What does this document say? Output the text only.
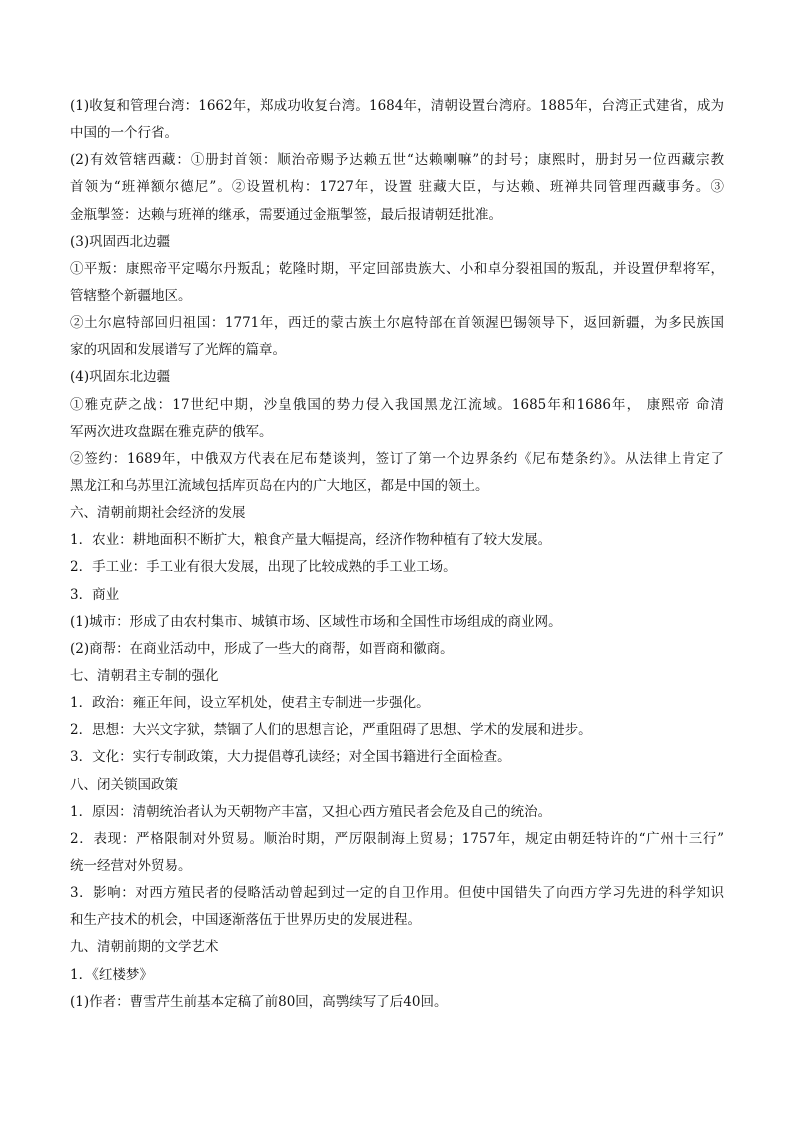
(1)收复和管理台湾：1662年，郑成功收复台湾。1684年，清朝设置台湾府。1885年，台湾正式建省，成为
中国的一个行省。
(2)有效管辖西藏：①册封首领：顺治帝赐予达赖五世“达赖喇嘛”的封号；康熙时，册封另一位西藏宗教
首领为“班禅额尔德尼”。②设置机构：1727年，设置 驻藏大臣，与达赖、班禅共同管理西藏事务。③
金瓶掣签：达赖与班禅的继承，需要通过金瓶掣签，最后报请朝廷批准。
(3)巩固西北边疆
①平叛：康熙帝平定噶尔丹叛乱；乾隆时期，平定回部贵族大、小和卓分裂祖国的叛乱，并设置伊犁将军，
管辖整个新疆地区。
②土尔扈特部回归祖国：1771年，西迁的蒙古族土尔扈特部在首领渥巴锡领导下，返回新疆，为多民族国
家的巩固和发展谱写了光辉的篇章。
(4)巩固东北边疆
①雅克萨之战：17世纪中期，沙皇俄国的势力侵入我国黑龙江流域。1685年和1686年， 康熙帝 命清
军两次进攻盘踞在雅克萨的俄军。
②签约：1689年，中俄双方代表在尼布楚谈判，签订了第一个边界条约《尼布楚条约》。从法律上肯定了
黑龙江和乌苏里江流域包括库页岛在内的广大地区，都是中国的领土。
六、清朝前期社会经济的发展
1．农业：耕地面积不断扩大，粮食产量大幅提高，经济作物种植有了较大发展。
2．手工业：手工业有很大发展，出现了比较成熟的手工业工场。
3．商业
(1)城市：形成了由农村集市、城镇市场、区域性市场和全国性市场组成的商业网。
(2)商帮：在商业活动中，形成了一些大的商帮，如晋商和徽商。
七、清朝君主专制的强化
1．政治：雍正年间，设立军机处，使君主专制进一步强化。
2．思想：大兴文字狱，禁锢了人们的思想言论，严重阻碍了思想、学术的发展和进步。
3．文化：实行专制政策，大力提倡尊孔读经；对全国书籍进行全面检查。
八、闭关锁国政策
1．原因：清朝统治者认为天朝物产丰富，又担心西方殖民者会危及自己的统治。
2．表现：严格限制对外贸易。顺治时期，严厉限制海上贸易；1757年，规定由朝廷特许的“广州十三行”
统一经营对外贸易。
3．影响：对西方殖民者的侵略活动曾起到过一定的自卫作用。但使中国错失了向西方学习先进的科学知识
和生产技术的机会，中国逐渐落伍于世界历史的发展进程。
九、清朝前期的文学艺术
1．《红楼梦》
(1)作者：曹雪芹生前基本定稿了前80回，高鹗续写了后40回。
